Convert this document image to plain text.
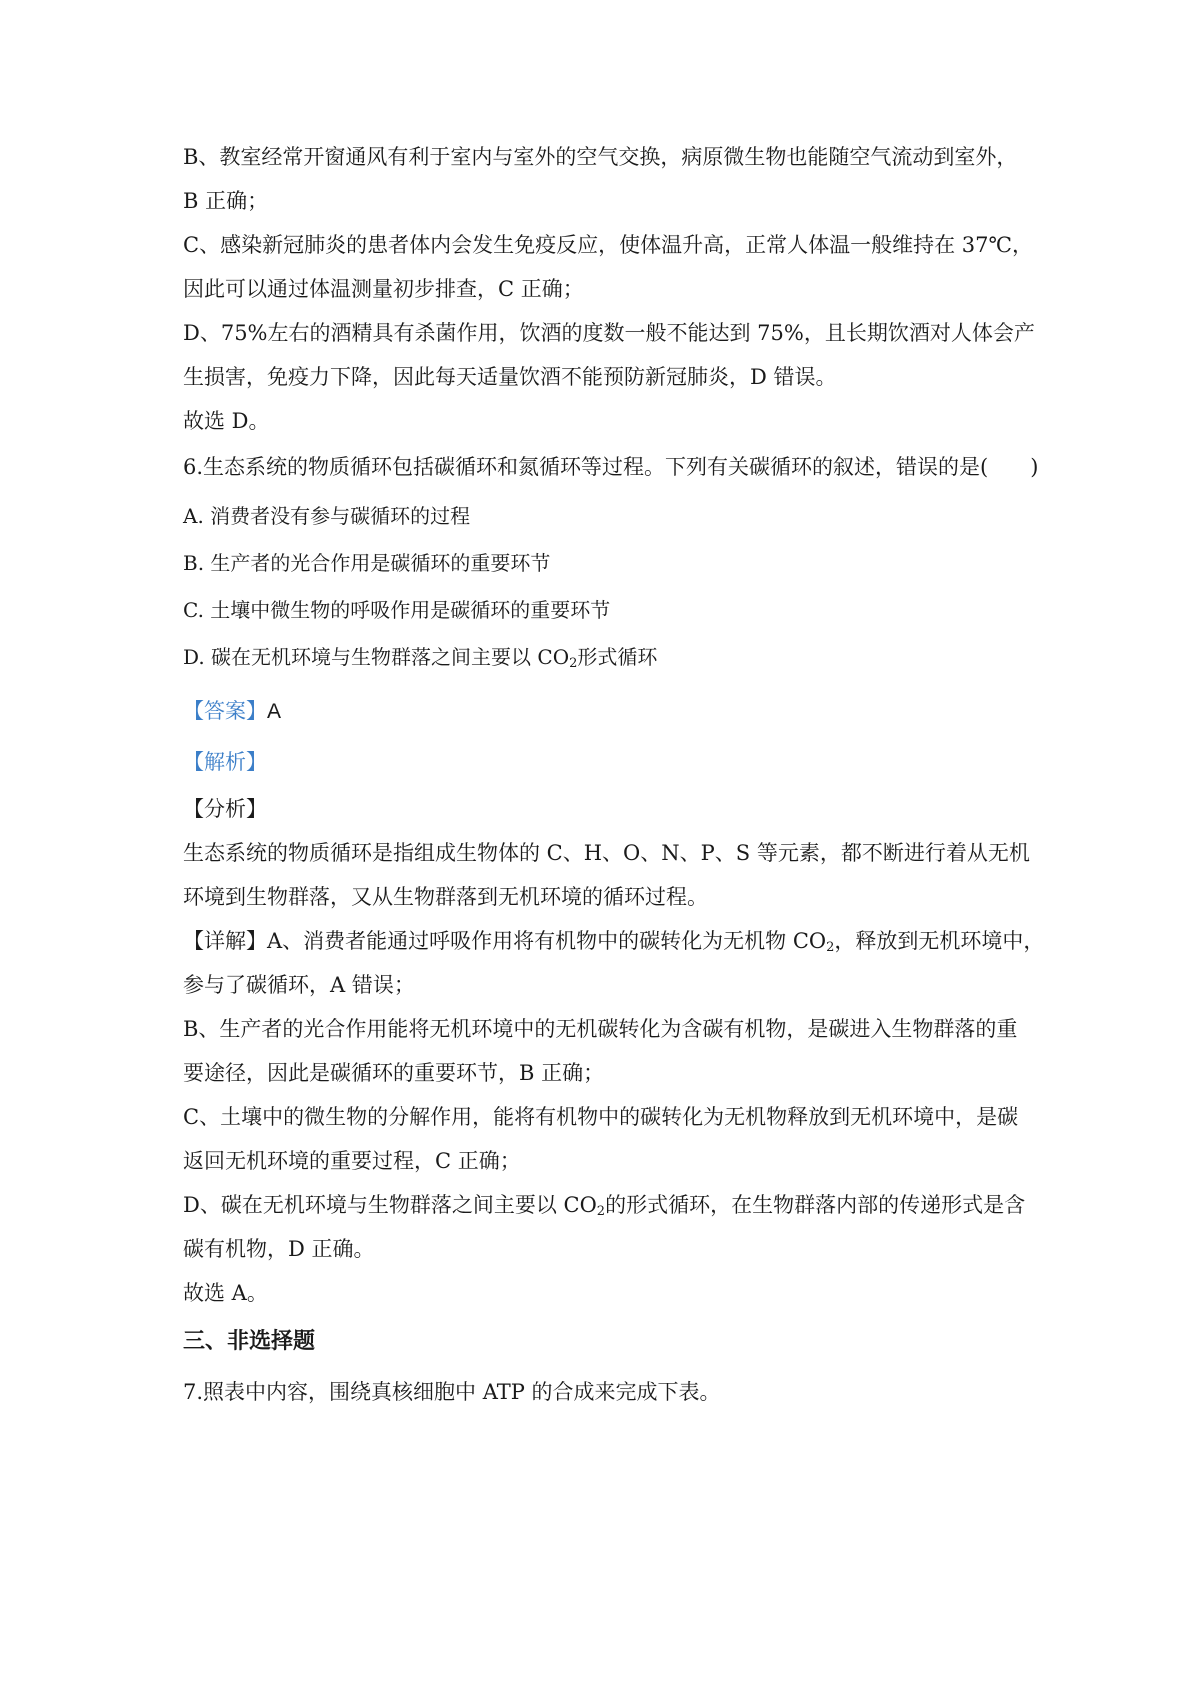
B、教室经常开窗通风有利于室内与室外的空气交换，病原微生物也能随空气流动到室外，
B 正确；
C、感染新冠肺炎的患者体内会发生免疫反应，使体温升高，正常人体温一般维持在 37℃，
因此可以通过体温测量初步排查，C 正确；
D、75%左右的酒精具有杀菌作用，饮酒的度数一般不能达到 75%，且长期饮酒对人体会产
生损害，免疫力下降，因此每天适量饮酒不能预防新冠肺炎，D 错误。
故选 D。
6.生态系统的物质循环包括碳循环和氮循环等过程。下列有关碳循环的叙述，错误的是(　　)
A. 消费者没有参与碳循环的过程
B. 生产者的光合作用是碳循环的重要环节
C. 土壤中微生物的呼吸作用是碳循环的重要环节
D. 碳在无机环境与生物群落之间主要以 $CO_2$形式循环
【答案】A
【解析】
【分析】
生态系统的物质循环是指组成生物体的 C、H、O、N、P、S 等元素，都不断进行着从无机
环境到生物群落，又从生物群落到无机环境的循环过程。
【详解】A、消费者能通过呼吸作用将有机物中的碳转化为无机物 $CO_2$，释放到无机环境中，
参与了碳循环，A 错误；
B、生产者的光合作用能将无机环境中的无机碳转化为含碳有机物，是碳进入生物群落的重
要途径，因此是碳循环的重要环节，B 正确；
C、土壤中的微生物的分解作用，能将有机物中的碳转化为无机物释放到无机环境中，是碳
返回无机环境的重要过程，C 正确；
D、碳在无机环境与生物群落之间主要以 $CO_2$的形式循环，在生物群落内部的传递形式是含
碳有机物，D 正确。
故选 A。
三、非选择题
7.照表中内容，围绕真核细胞中 ATP 的合成来完成下表。
